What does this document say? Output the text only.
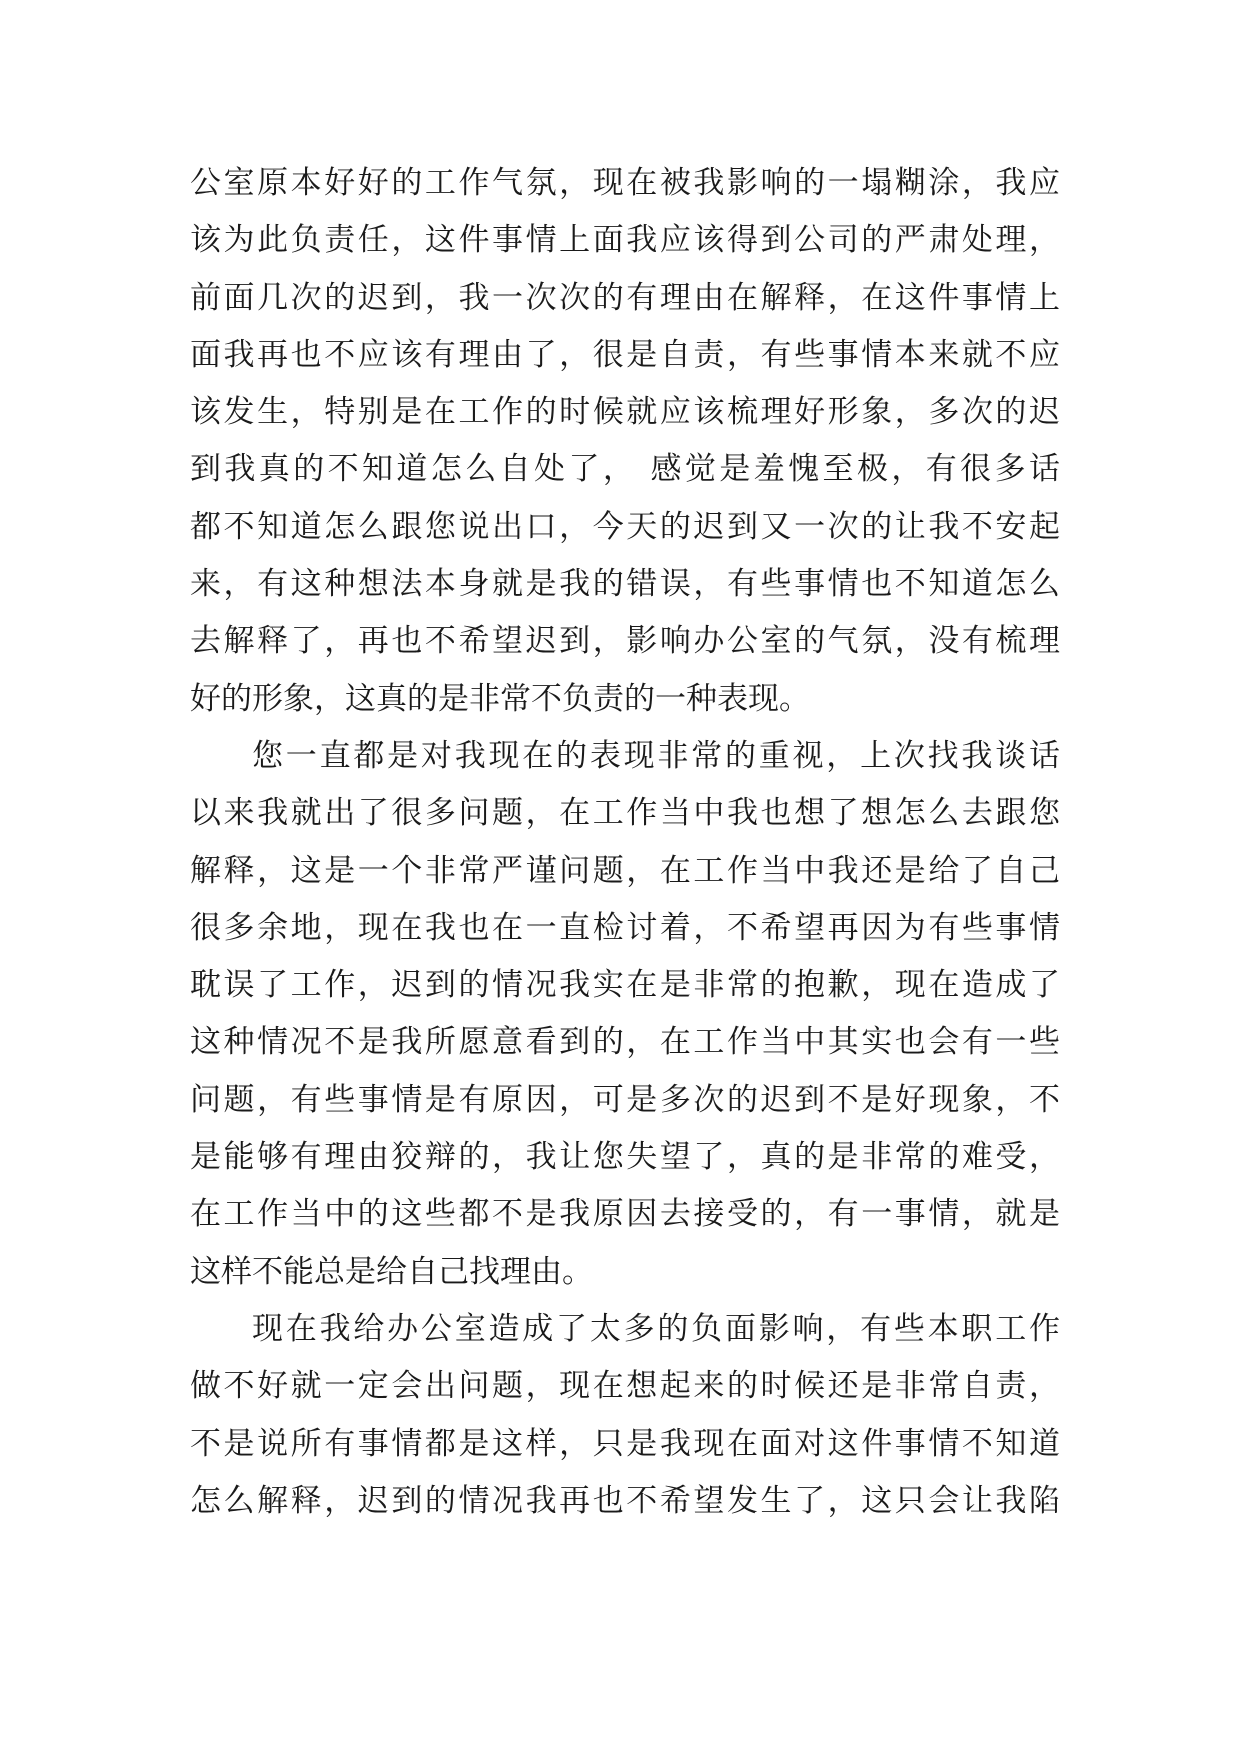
公室原本好好的工作气氛，现在被我影响的一塌糊涂，我应
该为此负责任，这件事情上面我应该得到公司的严肃处理，
前面几次的迟到，我一次次的有理由在解释，在这件事情上
面我再也不应该有理由了，很是自责，有些事情本来就不应
该发生，特别是在工作的时候就应该梳理好形象，多次的迟
到我真的不知道怎么自处了， 感觉是羞愧至极，有很多话
都不知道怎么跟您说出口，今天的迟到又一次的让我不安起
来，有这种想法本身就是我的错误，有些事情也不知道怎么
去解释了，再也不希望迟到，影响办公室的气氛，没有梳理
好的形象，这真的是非常不负责的一种表现。
您一直都是对我现在的表现非常的重视，上次找我谈话
以来我就出了很多问题，在工作当中我也想了想怎么去跟您
解释，这是一个非常严谨问题，在工作当中我还是给了自己
很多余地，现在我也在一直检讨着，不希望再因为有些事情
耽误了工作，迟到的情况我实在是非常的抱歉，现在造成了
这种情况不是我所愿意看到的，在工作当中其实也会有一些
问题，有些事情是有原因，可是多次的迟到不是好现象，不
是能够有理由狡辩的，我让您失望了，真的是非常的难受，
在工作当中的这些都不是我原因去接受的，有一事情，就是
这样不能总是给自己找理由。
现在我给办公室造成了太多的负面影响，有些本职工作
做不好就一定会出问题，现在想起来的时候还是非常自责，
不是说所有事情都是这样，只是我现在面对这件事情不知道
怎么解释，迟到的情况我再也不希望发生了，这只会让我陷
